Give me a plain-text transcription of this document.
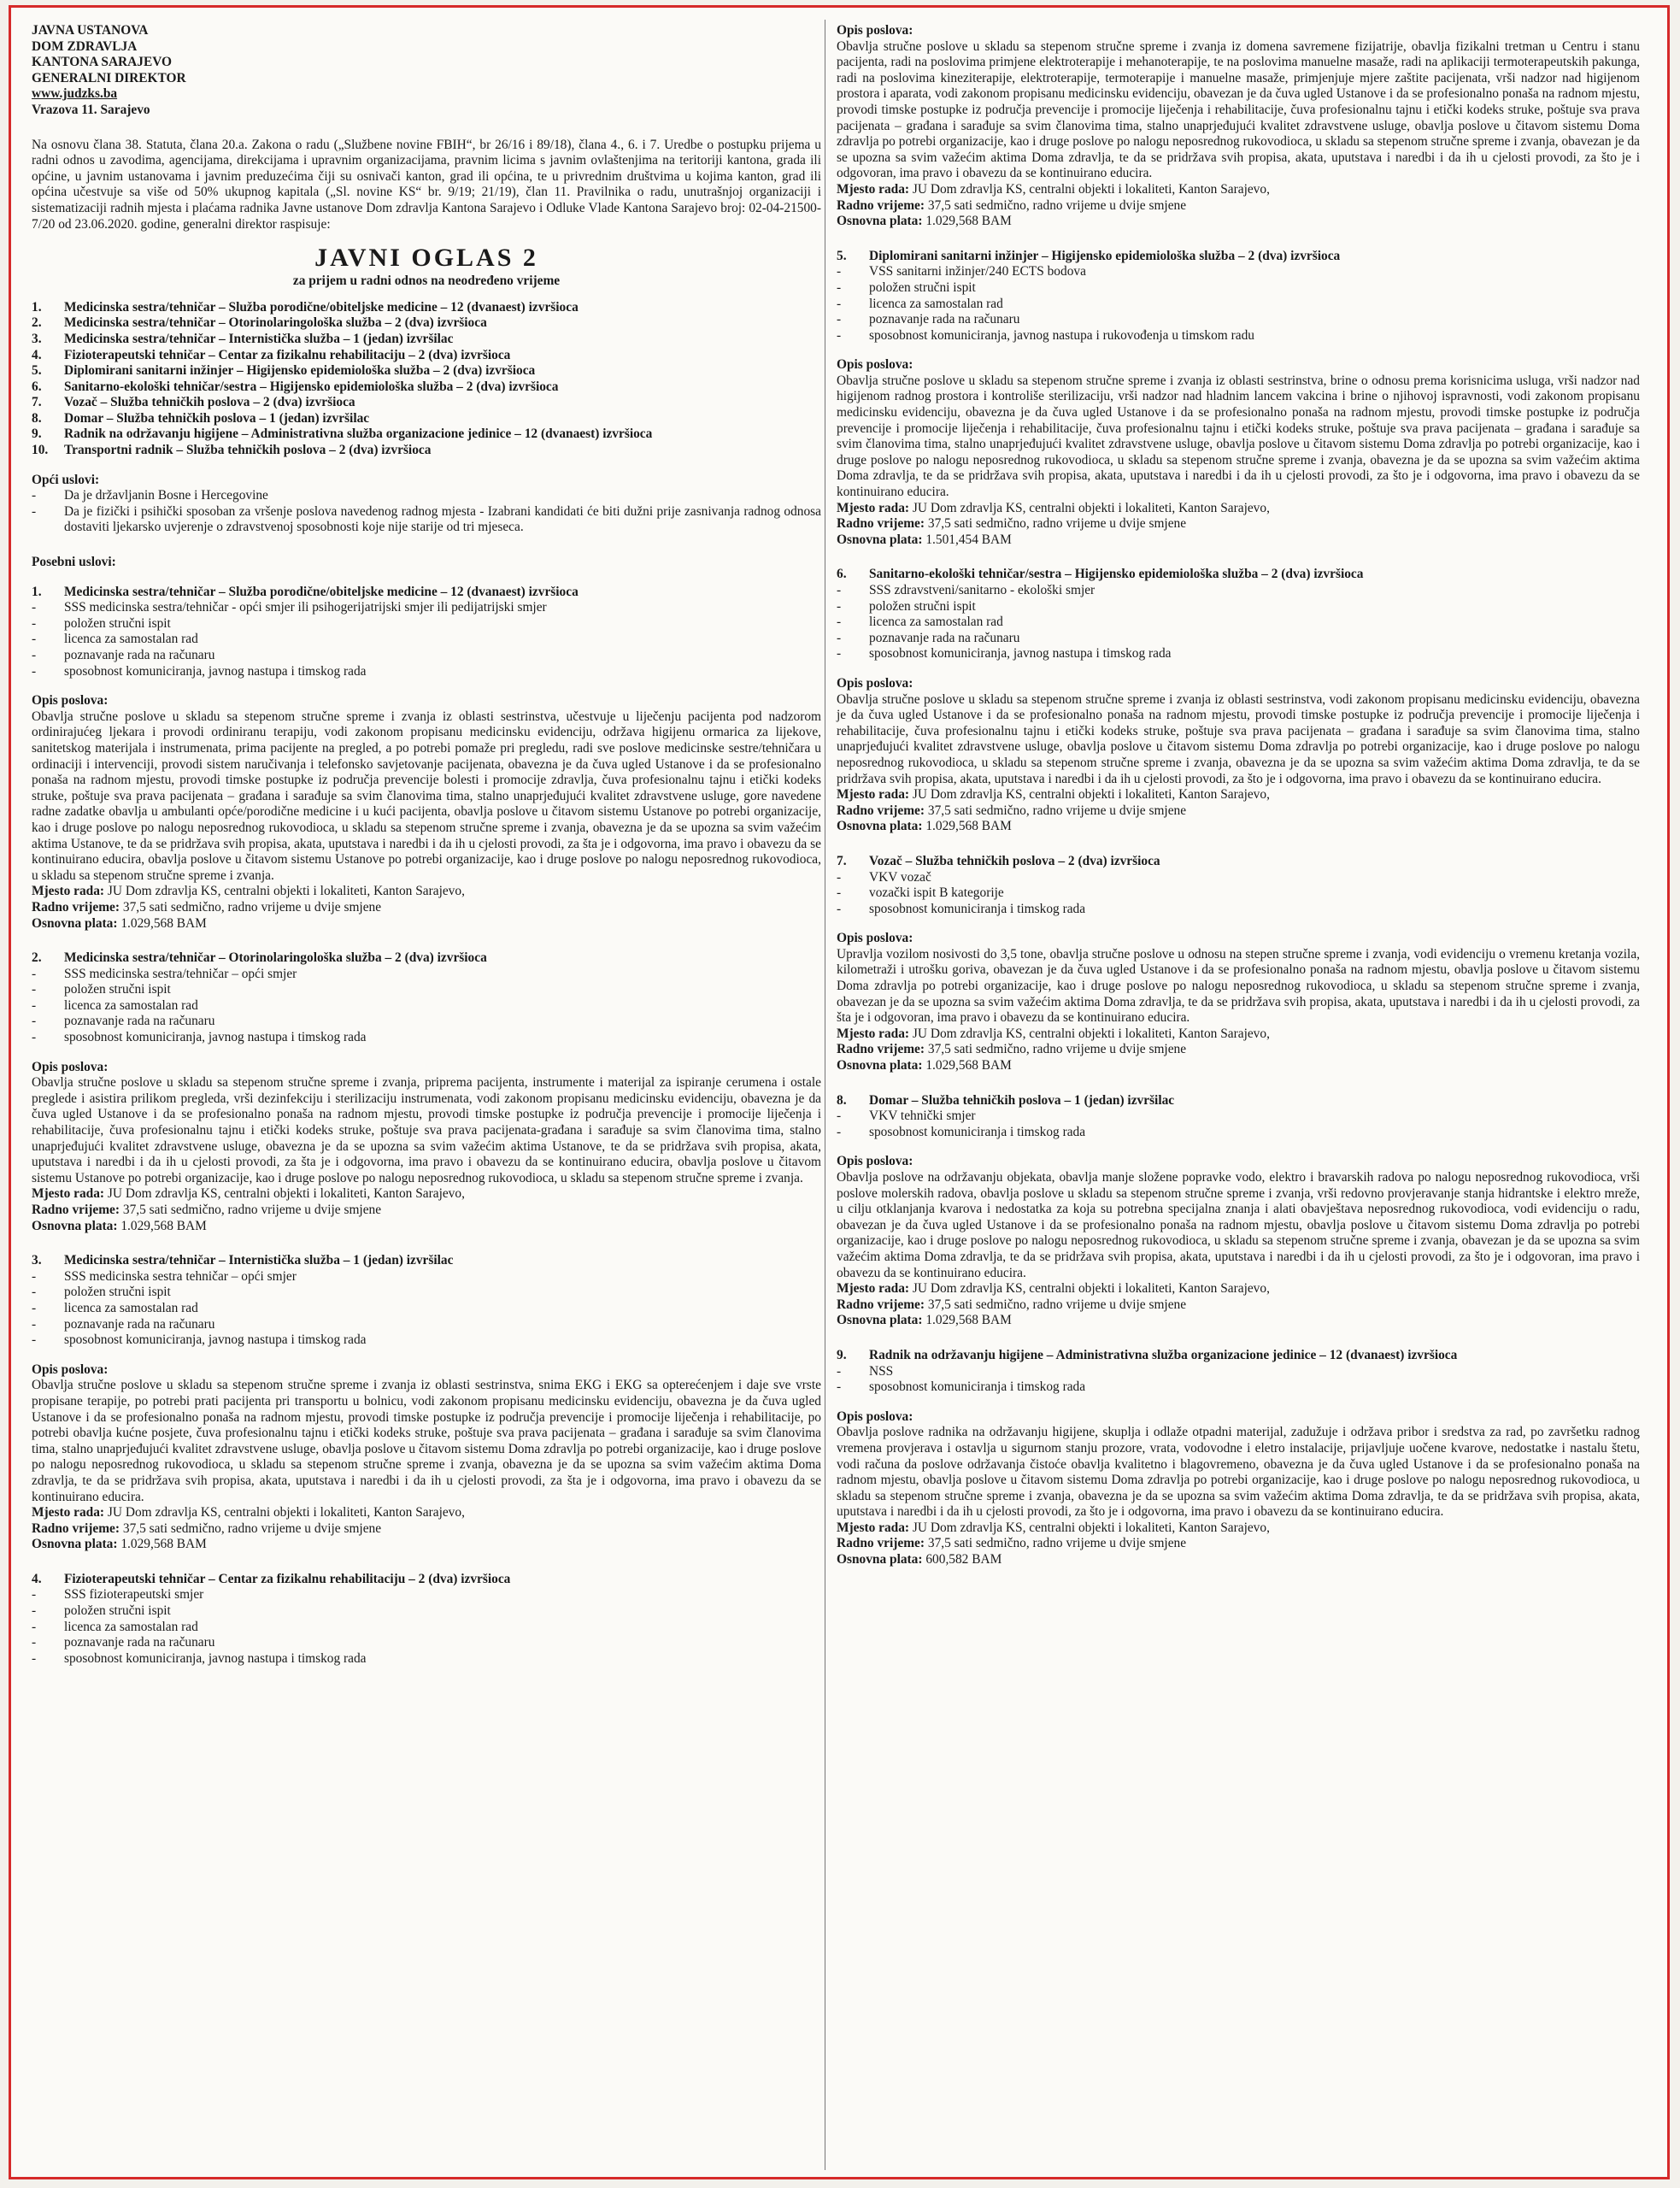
JAVNA USTANOVA

DOM ZDRAVLJA

KANTONA SARAJEVO

GENERALNI DIREKTOR

www.judzks.ba

Vrazova 11. Sarajevo

Na osnovu člana 38. Statuta, člana 20.a. Zakona o radu („Službene novine FBIH“, br 26/16 i 89/18), člana 4., 6. i 7. Uredbe o postupku prijema u radni odnos u zavodima, agencijama, direkcijama i upravnim organizacijama, pravnim licima s javnim ovlaštenjima na teritoriji kantona, grada ili općine, u javnim ustanovama i javnim preduzećima čiji su osnivači kanton, grad ili općina, te u privrednim društvima u kojima kanton, grad ili općina učestvuje sa više od 50% ukupnog kapitala („Sl. novine KS“ br. 9/19; 21/19), član 11. Pravilnika o radu, unutrašnjoj organizaciji i sistematizaciji radnih mjesta i plaćama radnika Javne ustanove Dom zdravlja Kantona Sarajevo i Odluke Vlade Kantona Sarajevo broj: 02-04-21500-7/20 od 23.06.2020. godine, generalni direktor raspisuje:

JAVNI OGLAS 2
za prijem u radni odnos na neodređeno vrijeme
1.	Medicinska sestra/tehničar – Služba porodične/obiteljske medicine – 12 (dvanaest) izvršioca
2.	Medicinska sestra/tehničar – Otorinolaringološka služba – 2 (dva) izvršioca
3.	Medicinska sestra/tehničar – Internistička služba – 1 (jedan) izvršilac
4.	Fizioterapeutski tehničar – Centar za fizikalnu rehabilitaciju – 2 (dva) izvršioca
5.	Diplomirani sanitarni inžinjer – Higijensko epidemiološka služba – 2 (dva) izvršioca
6.	Sanitarno-ekološki tehničar/sestra – Higijensko epidemiološka služba – 2 (dva) izvršioca
7.	Vozač – Služba tehničkih poslova – 2 (dva) izvršioca
8.	Domar – Služba tehničkih poslova – 1 (jedan) izvršilac
9.	Radnik na održavanju higijene – Administrativna služba organizacione jedinice – 12 (dvanaest) izvršioca
10.	Transportni radnik – Služba tehničkih poslova – 2 (dva) izvršioca

Opći uslovi:

-	Da je državljanin Bosne i Hercegovine
-	Da je fizički i psihički sposoban za vršenje poslova navedenog radnog mjesta - Izabrani kandidati će biti dužni prije zasnivanja radnog odnosa dostaviti ljekarsko uvjerenje o zdravstvenoj sposobnosti koje nije starije od tri mjeseca.

Posebni uslovi:

1.	Medicinska sestra/tehničar – Služba porodične/obiteljske medicine – 12 (dvanaest) izvršioca
-	SSS medicinska sestra/tehničar - opći smjer ili psihogerijatrijski smjer ili pedijatrijski smjer
-	položen stručni ispit
-	licenca za samostalan rad
-	poznavanje rada na računaru
-	sposobnost komuniciranja, javnog nastupa i timskog rada

Opis poslova:

Obavlja stručne poslove u skladu sa stepenom stručne spreme i zvanja iz oblasti sestrinstva, učestvuje u liječenju pacijenta pod nadzorom ordinirajućeg ljekara i provodi ordiniranu terapiju, vodi zakonom propisanu medicinsku evidenciju, održava higijenu ormarica za lijekove, sanitetskog materijala i instrumenata, prima pacijente na pregled, a po potrebi pomaže pri pregledu, radi sve poslove medicinske sestre/tehničara u ordinaciji i intervenciji, provodi sistem naručivanja i telefonsko savjetovanje pacijenata, obavezna je da čuva ugled Ustanove i da se profesionalno ponaša na radnom mjestu, provodi timske postupke iz područja prevencije bolesti i promocije zdravlja, čuva profesionalnu tajnu i etički kodeks struke, poštuje sva prava pacijenata – građana i sarađuje sa svim članovima tima, stalno unaprjeđujući kvalitet zdravstvene usluge, gore navedene radne zadatke obavlja u ambulanti opće/porodične medicine i u kući pacijenta, obavlja poslove u čitavom sistemu Ustanove po potrebi organizacije, kao i druge poslove po nalogu neposrednog rukovodioca, u skladu sa stepenom stručne spreme i zvanja, obavezna je da se upozna sa svim važećim aktima Ustanove, te da se pridržava svih propisa, akata, uputstava i naredbi i da ih u cjelosti provodi, za šta je i odgovorna, ima pravo i obavezu da se kontinuirano educira, obavlja poslove u čitavom sistemu Ustanove po potrebi organizacije, kao i druge poslove po nalogu neposrednog rukovodioca, u skladu sa stepenom stručne spreme i zvanja.

Mjesto rada: JU Dom zdravlja KS, centralni objekti i lokaliteti, Kanton Sarajevo,

Radno vrijeme: 37,5 sati sedmično, radno vrijeme u dvije smjene

Osnovna plata: 1.029,568 BAM

2.	Medicinska sestra/tehničar – Otorinolaringološka služba – 2 (dva) izvršioca
-	SSS medicinska sestra/tehničar – opći smjer
-	položen stručni ispit
-	licenca za samostalan rad
-	poznavanje rada na računaru
-	sposobnost komuniciranja, javnog nastupa i timskog rada

Opis poslova:

Obavlja stručne poslove u skladu sa stepenom stručne spreme i zvanja, priprema pacijenta, instrumente i materijal za ispiranje cerumena i ostale preglede i asistira prilikom pregleda, vrši dezinfekciju i sterilizaciju instrumenata, vodi zakonom propisanu medicinsku evidenciju, obavezna je da čuva ugled Ustanove i da se profesionalno ponaša na radnom mjestu, provodi timske postupke iz područja prevencije i promocije liječenja i rehabilitacije, čuva profesionalnu tajnu i etički kodeks struke, poštuje sva prava pacijenata-građana i sarađuje sa svim članovima tima, stalno unaprjeđujući kvalitet zdravstvene usluge, obavezna je da se upozna sa svim važećim aktima Ustanove, te da se pridržava svih propisa, akata, uputstava i naredbi i da ih u cjelosti provodi, za šta je i odgovorna, ima pravo i obavezu da se kontinuirano educira, obavlja poslove u čitavom sistemu Ustanove po potrebi organizacije, kao i druge poslove po nalogu neposrednog rukovodioca, u skladu sa stepenom stručne spreme i zvanja.

Mjesto rada: JU Dom zdravlja KS, centralni objekti i lokaliteti, Kanton Sarajevo,

Radno vrijeme: 37,5 sati sedmično, radno vrijeme u dvije smjene

Osnovna plata: 1.029,568 BAM

3.	Medicinska sestra/tehničar – Internistička služba – 1 (jedan) izvršilac
-	SSS medicinska sestra tehničar – opći smjer
-	položen stručni ispit
-	licenca za samostalan rad
-	poznavanje rada na računaru
-	sposobnost komuniciranja, javnog nastupa i timskog rada

Opis poslova:

Obavlja stručne poslove u skladu sa stepenom stručne spreme i zvanja iz oblasti sestrinstva, snima EKG i EKG sa opterećenjem i daje sve vrste propisane terapije, po potrebi prati pacijenta pri transportu u bolnicu, vodi zakonom propisanu medicinsku evidenciju, obavezna je da čuva ugled Ustanove i da se profesionalno ponaša na radnom mjestu, provodi timske postupke iz područja prevencije i promocije liječenja i rehabilitacije, po potrebi obavlja kućne posjete, čuva profesionalnu tajnu i etički kodeks struke, poštuje sva prava pacijenata – građana i sarađuje sa svim članovima tima, stalno unaprjeđujući kvalitet zdravstvene usluge, obavlja poslove u čitavom sistemu Doma zdravlja po potrebi organizacije, kao i druge poslove po nalogu neposrednog rukovodioca, u skladu sa stepenom stručne spreme i zvanja, obavezna je da se upozna sa svim važećim aktima Doma zdravlja, te da se pridržava svih propisa, akata, uputstava i naredbi i da ih u cjelosti provodi, za šta je i odgovorna, ima pravo i obavezu da se kontinuirano educira.

Mjesto rada: JU Dom zdravlja KS, centralni objekti i lokaliteti, Kanton Sarajevo,

Radno vrijeme: 37,5 sati sedmično, radno vrijeme u dvije smjene

Osnovna plata: 1.029,568 BAM

4.	Fizioterapeutski tehničar – Centar za fizikalnu rehabilitaciju – 2 (dva) izvršioca
-	SSS fizioterapeutski smjer
-	položen stručni ispit
-	licenca za samostalan rad
-	poznavanje rada na računaru
-	sposobnost komuniciranja, javnog nastupa i timskog rada

Opis poslova:

Obavlja stručne poslove u skladu sa stepenom stručne spreme i zvanja iz domena savremene fizijatrije, obavlja fizikalni tretman u Centru i stanu pacijenta, radi na poslovima primjene elektroterapije i mehanoterapije, te na poslovima manuelne masaže, radi na aplikaciji termoterapeutskih pakunga, radi na poslovima kineziterapije, elektroterapije, termoterapije i manuelne masaže, primjenjuje mjere zaštite pacijenata, vrši nadzor nad higijenom prostora i aparata, vodi zakonom propisanu medicinsku evidenciju, obavezan je da čuva ugled Ustanove i da se profesionalno ponaša na radnom mjestu, provodi timske postupke iz područja prevencije i promocije liječenja i rehabilitacije, čuva profesionalnu tajnu i etički kodeks struke, poštuje sva prava pacijenata – građana i sarađuje sa svim članovima tima, stalno unaprjeđujući kvalitet zdravstvene usluge, obavlja poslove u čitavom sistemu Doma zdravlja po potrebi organizacije, kao i druge poslove po nalogu neposrednog rukovodioca, u skladu sa stepenom stručne spreme i zvanja, obavezan je da se upozna sa svim važećim aktima Doma zdravlja, te da se pridržava svih propisa, akata, uputstava i naredbi i da ih u cjelosti provodi, za što je i odgovoran, ima pravo i obavezu da se kontinuirano educira.

Mjesto rada: JU Dom zdravlja KS, centralni objekti i lokaliteti, Kanton Sarajevo,

Radno vrijeme: 37,5 sati sedmično, radno vrijeme u dvije smjene

Osnovna plata: 1.029,568 BAM

5.	Diplomirani sanitarni inžinjer – Higijensko epidemiološka služba – 2 (dva) izvršioca
-	VSS sanitarni inžinjer/240 ECTS bodova
-	položen stručni ispit
-	licenca za samostalan rad
-	poznavanje rada na računaru
-	sposobnost komuniciranja, javnog nastupa i rukovođenja u timskom radu

Opis poslova:

Obavlja stručne poslove u skladu sa stepenom stručne spreme i zvanja iz oblasti sestrinstva, brine o odnosu prema korisnicima usluga, vrši nadzor nad higijenom radnog prostora i kontroliše sterilizaciju, vrši nadzor nad hladnim lancem vakcina i brine o njihovoj ispravnosti, vodi zakonom propisanu medicinsku evidenciju, obavezna je da čuva ugled Ustanove i da se profesionalno ponaša na radnom mjestu, provodi timske postupke iz područja prevencije i promocije liječenja i rehabilitacije, čuva profesionalnu tajnu i etički kodeks struke, poštuje sva prava pacijenata – građana i sarađuje sa svim članovima tima, stalno unaprjeđujući kvalitet zdravstvene usluge, obavlja poslove u čitavom sistemu Doma zdravlja po potrebi organizacije, kao i druge poslove po nalogu neposrednog rukovodioca, u skladu sa stepenom stručne spreme i zvanja, obavezna je da se upozna sa svim važećim aktima Doma zdravlja, te da se pridržava svih propisa, akata, uputstava i naredbi i da ih u cjelosti provodi, za što je i odgovorna, ima pravo i obavezu da se kontinuirano educira.

Mjesto rada: JU Dom zdravlja KS, centralni objekti i lokaliteti, Kanton Sarajevo,

Radno vrijeme: 37,5 sati sedmično, radno vrijeme u dvije smjene

Osnovna plata: 1.501,454 BAM

6.	Sanitarno-ekološki tehničar/sestra – Higijensko epidemiološka služba – 2 (dva) izvršioca
-	SSS zdravstveni/sanitarno - ekološki smjer
-	položen stručni ispit
-	licenca za samostalan rad
-	poznavanje rada na računaru
-	sposobnost komuniciranja, javnog nastupa i timskog rada

Opis poslova:

Obavlja stručne poslove u skladu sa stepenom stručne spreme i zvanja iz oblasti sestrinstva, vodi zakonom propisanu medicinsku evidenciju, obavezna je da čuva ugled Ustanove i da se profesionalno ponaša na radnom mjestu, provodi timske postupke iz područja prevencije i promocije liječenja i rehabilitacije, čuva profesionalnu tajnu i etički kodeks struke, poštuje sva prava pacijenata – građana i sarađuje sa svim članovima tima, stalno unaprjeđujući kvalitet zdravstvene usluge, obavlja poslove u čitavom sistemu Doma zdravlja po potrebi organizacije, kao i druge poslove po nalogu neposrednog rukovodioca, u skladu sa stepenom stručne spreme i zvanja, obavezna je da se upozna sa svim važećim aktima Doma zdravlja, te da se pridržava svih propisa, akata, uputstava i naredbi i da ih u cjelosti provodi, za što je i odgovorna, ima pravo i obavezu da se kontinuirano educira.

Mjesto rada: JU Dom zdravlja KS, centralni objekti i lokaliteti, Kanton Sarajevo,

Radno vrijeme: 37,5 sati sedmično, radno vrijeme u dvije smjene

Osnovna plata: 1.029,568 BAM

7.	Vozač – Služba tehničkih poslova – 2 (dva) izvršioca
-	VKV vozač
-	vozački ispit B kategorije
-	sposobnost komuniciranja i timskog rada

Opis poslova:

Upravlja vozilom nosivosti do 3,5 tone, obavlja stručne poslove u odnosu na stepen stručne spreme i zvanja, vodi evidenciju o vremenu kretanja vozila, kilometraži i utrošku goriva, obavezan je da čuva ugled Ustanove i da se profesionalno ponaša na radnom mjestu, obavlja poslove u čitavom sistemu Doma zdravlja po potrebi organizacije, kao i druge poslove po nalogu neposrednog rukovodioca, u skladu sa stepenom stručne spreme i zvanja, obavezan je da se upozna sa svim važećim aktima Doma zdravlja, te da se pridržava svih propisa, akata, uputstava i naredbi i da ih u cjelosti provodi, za šta je i odgovoran, ima pravo i obavezu da se kontinuirano educira.

Mjesto rada: JU Dom zdravlja KS, centralni objekti i lokaliteti, Kanton Sarajevo,

Radno vrijeme: 37,5 sati sedmično, radno vrijeme u dvije smjene

Osnovna plata: 1.029,568 BAM

8.	Domar – Služba tehničkih poslova – 1 (jedan) izvršilac
-	VKV tehnički smjer
-	sposobnost komuniciranja i timskog rada

Opis poslova:

Obavlja poslove na održavanju objekata, obavlja manje složene popravke vodo, elektro i bravarskih radova po nalogu neposrednog rukovodioca, vrši poslove molerskih radova, obavlja poslove u skladu sa stepenom stručne spreme i zvanja, vrši redovno provjeravanje stanja hidrantske i elektro mreže, u cilju otklanjanja kvarova i nedostatka za koja su potrebna specijalna znanja i alati obavještava neposrednog rukovodioca, vodi evidenciju o radu, obavezan je da čuva ugled Ustanove i da se profesionalno ponaša na radnom mjestu, obavlja poslove u čitavom sistemu Doma zdravlja po potrebi organizacije, kao i druge poslove po nalogu neposrednog rukovodioca, u skladu sa stepenom stručne spreme i zvanja, obavezan je da se upozna sa svim važećim aktima Doma zdravlja, te da se pridržava svih propisa, akata, uputstava i naredbi i da ih u cjelosti provodi, za što je i odgovoran, ima pravo i obavezu da se kontinuirano educira.

Mjesto rada: JU Dom zdravlja KS, centralni objekti i lokaliteti, Kanton Sarajevo,

Radno vrijeme: 37,5 sati sedmično, radno vrijeme u dvije smjene

Osnovna plata: 1.029,568 BAM

9.	Radnik na održavanju higijene – Administrativna služba organizacione jedinice – 12 (dvanaest) izvršioca
-	NSS
-	sposobnost komuniciranja i timskog rada

Opis poslova:

Obavlja poslove radnika na održavanju higijene, skuplja i odlaže otpadni materijal, zadužuje i održava pribor i sredstva za rad, po završetku radnog vremena provjerava i ostavlja u sigurnom stanju prozore, vrata, vodovodne i eletro instalacije, prijavljuje uočene kvarove, nedostatke i nastalu štetu, vodi računa da poslove održavanja čistoće obavlja kvalitetno i blagovremeno, obavezna je da čuva ugled Ustanove i da se profesionalno ponaša na radnom mjestu, obavlja poslove u čitavom sistemu Doma zdravlja po potrebi organizacije, kao i druge poslove po nalogu neposrednog rukovodioca, u skladu sa stepenom stručne spreme i zvanja, obavezna je da se upozna sa svim važećim aktima Doma zdravlja, te da se pridržava svih propisa, akata, uputstava i naredbi i da ih u cjelosti provodi, za što je i odgovorna, ima pravo i obavezu da se kontinuirano educira.

Mjesto rada: JU Dom zdravlja KS, centralni objekti i lokaliteti, Kanton Sarajevo,

Radno vrijeme: 37,5 sati sedmično, radno vrijeme u dvije smjene

Osnovna plata: 600,582 BAM
